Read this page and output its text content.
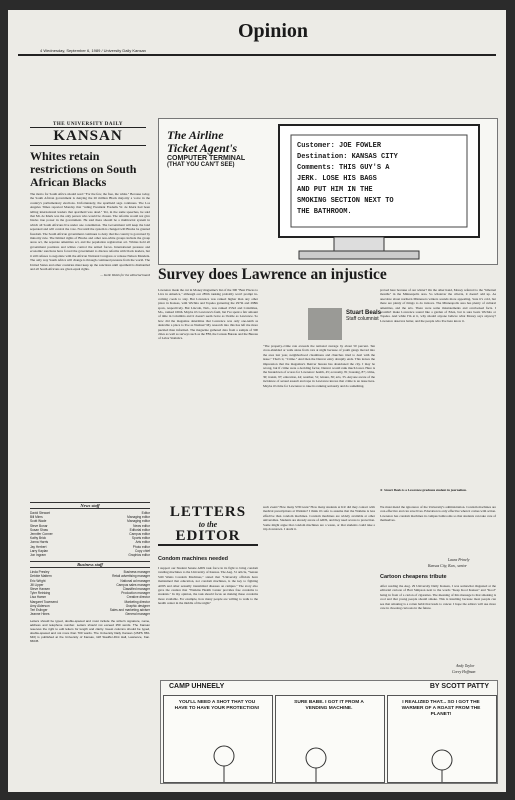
4 Wednesday, September 6, 1989 / University Daily Kansan
Opinion
THE UNIVERSITY DAILY
KANSAN
Whites retain restrictions on South African Blacks
The motto for South Africa should read: "For the few, the free, the white." Because today, the South African government is denying the 26 million Black majority a voice in the country's parliamentary elections. Unfortunately, the apartheid saga continues. The Los Angeles Times reported Monday that "ruling President Frederik W. de Klerk had been telling international leaders that apartheid was dead." Yet, in the same speeches, he said that Mr. de Klerk was the only person who would be chosen. The reforms would not give blacks true power in the government. He said there should be a multiracial system in which all South Africans live under one constitution. The Government will keep the land separated and will control the vote. Not until the system is changed will Blacks be granted freedom. The South African government continues to deny that the country is governed by minority rule. The limited rights of Blacks and other non-white groups include the group areas act, the separate amenities act, and the population registration act. Whites hold all government positions and whites control the armed forces. International pressure and economic sanctions have forced the government to discuss reforms with black leaders, but it still refuses to negotiate with the African National Congress or release Nelson Mandela. The only way South Africa will change is through continued pressure from the world. The United States and other countries must keep up the sanctions until apartheid is dismantled and all South Africans are given equal rights.
— Kelle Walsh for the editorial board
News staff
David Stewart	Editor
Bill Mims	Managing editor
Scott Wade	Managing editor
Steve Bonar	News editor
Susan Shaw	Editorial editor
Jennifer Conner	Campus editor
Kathy Brick	Sports editor
Jonna Harris	Arts editor
Jay Herbert	Photo editor
Larry Kaplan	Copy chief
Jon Ingram	Graphics editor
Business staff
Linda Presley	Business manager
Debbie Mattern	Retail advertising manager
Eric Wright	National ad manager
Jill Lipper	Campus sales manager
Steve Hansen	Classified manager
Tyler Reinking	Production manager
Lisa Hamm	Creative director
Margaret Townsend	Marketing director
Amy Alderson	Graphic designer
Teri Eslinger	Sales and marketing adviser
Jeanne Hines	General manager
Letters should be typed, double-spaced and must include the writer's signature, name, address and telephone number. Letters should not exceed 250 words. The Kansan reserves the right to edit letters for length and clarity. Guest columns should be typed, double-spaced and not more than 700 words. The University Daily Kansan (USPS 650-640) is published at the University of Kansas, 118 Stauffer-Flint Hall, Lawrence, Kan. 66045.
The Airline
Ticket Agent's
COMPUTER TERMINAL
(THAT YOU CAN'T SEE)
Customer: JOE FOWLER
Destination: KANSAS CITY
Comments: THIS GUY'S A
JERK. LOSE HIS BAGS
AND PUT HIM IN THE
SMOKING SECTION NEXT TO
THE BATHROOM.
Survey does Lawrence an injustice
Lawrence made the cut in Money magazine's list of the 300 "Best Places to Live in America," although our 285th ranking probably won't prompt in-coming coeds to stay. But Lawrence was ranked higher than any other place in Kansas, with Wichita and Topeka garnering the 297th and 298th spots, respectively. But Lincoln, Neb., was ranked 253rd and Columbus, Mo., ranked 166th. Maybe it's Lawrence's fault, but I've spent a fair amount of time in Columbia and it doesn't seem twice as livable as Lawrence. So how did the magazine determine that Lawrence was only one-tenth as desirable a place to live as Nashua? My research into this has left me more puzzled than informed. The magazine gathered data from a sample of 300 cities as well as surveys such as the FBI, the Census Bureau and the Bureau of Labor Statistics.
Stuart Beals
Staff columnist
"The property-crime rate exceeds the national average by about 50 percent. Ten cross-shielded or walk alone from cars at night because of youth gangs moved into the area last year, neighborhood cleanliness and churches tried to deal with the issue." That's it, "Crime." And then the Denver entry abruptly ends. This leaves the impression that the magazine's Denver bureau has abandoned the city. I may be wrong, but if crime were a deciding factor, Denver would rank much lower. Here is the breakdown of scores for Lawrence: health, 45; economy, 81; housing, 87; crime, 30; transit, 97; education, 44; weather, 51; leisure, 36; arts, 35. Anyone aware of the incidence of sexual assault and rape in Lawrence knows that crime is an issue here. Maybe it's time for Lawrence to take its ranking seriously and do something.
proved here because of our winter? On the other hand, Money referred to the "hibernal months" in the Minneapolis area. So whatever the criteria, it doesn't add up. As anecdote about northern Minnesota winters sounds more appealing. Sure it's cold, but there are plenty of things to do indoors. The Minneapolis area has plenty of cultural amenities, and the arts. There were some misstatements and overlooked facts. I wouldn't make Lawrence sound like a garden of Eden, but is sure beats Wichita or Topeka. And while I'm at it, why should anyone believe what Money says anyway? Lawrence deserves better, and the people who live here know it.
► Stuart Beals is a Lawrence graduate student in journalism.
LETTERS
to the
EDITOR
Condom machines needed
I support our Student Senate AIDS task force in its fight to bring condom vending machines to the University of Kansas. The Aug. 31 article, "Senate Still Wants Condom Machines," stated that "University officials have maintained that education, not condom machines, is the key to fighting AIDS and other sexually transmitted diseases on campus." The story also gave the caution that "Watkins Health Center provides free condoms to students." In my opinion, the task should focus on making these condoms more available. For example, how many people are willing to walk to the health center in the middle of the night?
such event? How many STD tests? How many students at KU did they contact with medical prescriptions at Watkins? I think it's safe to assume that the Watkins is less effective than condom machines. Condom machines are widely available at other universities. Students are already aware of AIDS, and they need access to protection. Some might argue that condom machines are a waste, or that students could take a trip downtown. I doubt it.
We must mend the ignorance of the University's administration. Condom machines are cost-effective and can save lives. Education is only effective when it comes with action. Lawrence has condom machines in campus bathrooms so that students can take care of themselves.
Laura Prinely
Kansas City, Kan., senior
Cartoon cheapens tribute
After reading the Aug. 29 University Daily Kansan, I was somewhat disgusted at the editorial cartoon of Bart Simpson next to the words "Keep Kool Kansas" and "Kool" being in front of a carton of cigarettes. The meaning of this message is that smoking is cool and that young people should smoke. This is insulting because most people can see that smoking is a rotten habit that leads to cancer. I hope the editors will use more care in choosing cartoons in the future.
Andy Taylor
Corey Hoffman
CAMP UHNEELY	BY SCOTT PATTY
YOU'LL NEED A SHOT THAT YOU HAVE TO HAVE YOUR PROTECTION!
SURE BABE. I GOT IT FROM A VENDING MACHINE.
I REALIZED THAT... SO I GOT THE WARMER OF A ROAST FROM THE PLANET!
